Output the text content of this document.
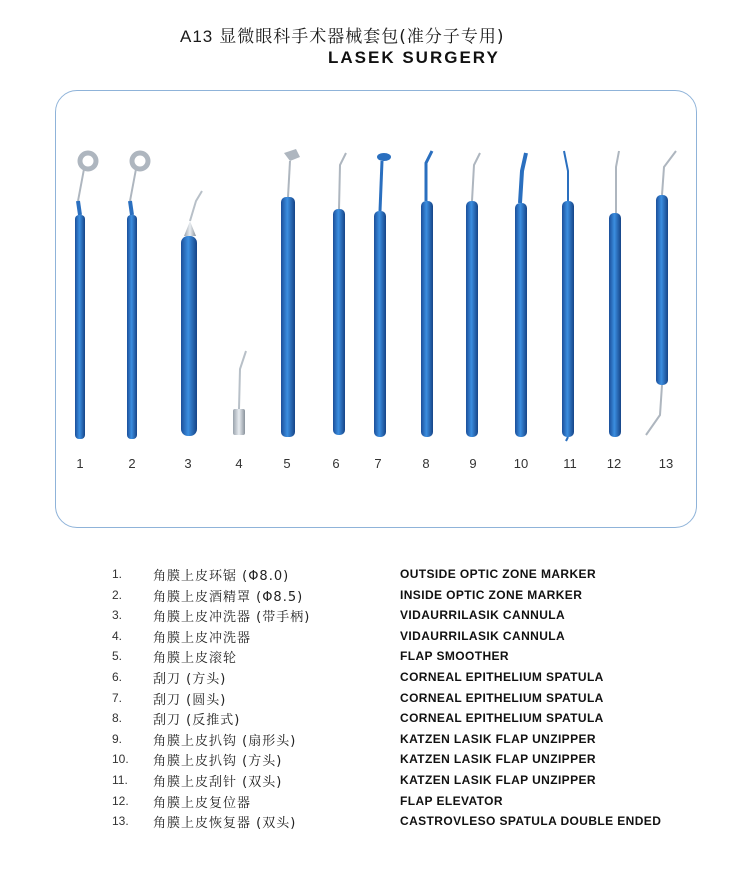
A13 显微眼科手术器械套包(准分子专用)
LASEK SURGERY
1	2	3	4	5	6	7	8	9	10	11	12	13
1.	角膜上皮环锯 (Φ8.0)	OUTSIDE OPTIC ZONE MARKER
2.	角膜上皮酒精罩 (Φ8.5)	INSIDE OPTIC ZONE MARKER
3.	角膜上皮冲洗器 (带手柄)	VIDAURRILASIK CANNULA
4.	角膜上皮冲洗器	VIDAURRILASIK CANNULA
5.	角膜上皮滚轮	FLAP SMOOTHER
6.	刮刀 (方头)	CORNEAL EPITHELIUM SPATULA
7.	刮刀 (圆头)	CORNEAL EPITHELIUM SPATULA
8.	刮刀 (反推式)	CORNEAL EPITHELIUM SPATULA
9.	角膜上皮扒钩 (扇形头)	KATZEN LASIK FLAP UNZIPPER
10. 角膜上皮扒钩 (方头)	KATZEN LASIK FLAP UNZIPPER
11.	角膜上皮刮针 (双头)	KATZEN LASIK FLAP UNZIPPER
12. 角膜上皮复位器	FLAP ELEVATOR
13. 角膜上皮恢复器 (双头)	CASTROVLESO SPATULA DOUBLE ENDED
